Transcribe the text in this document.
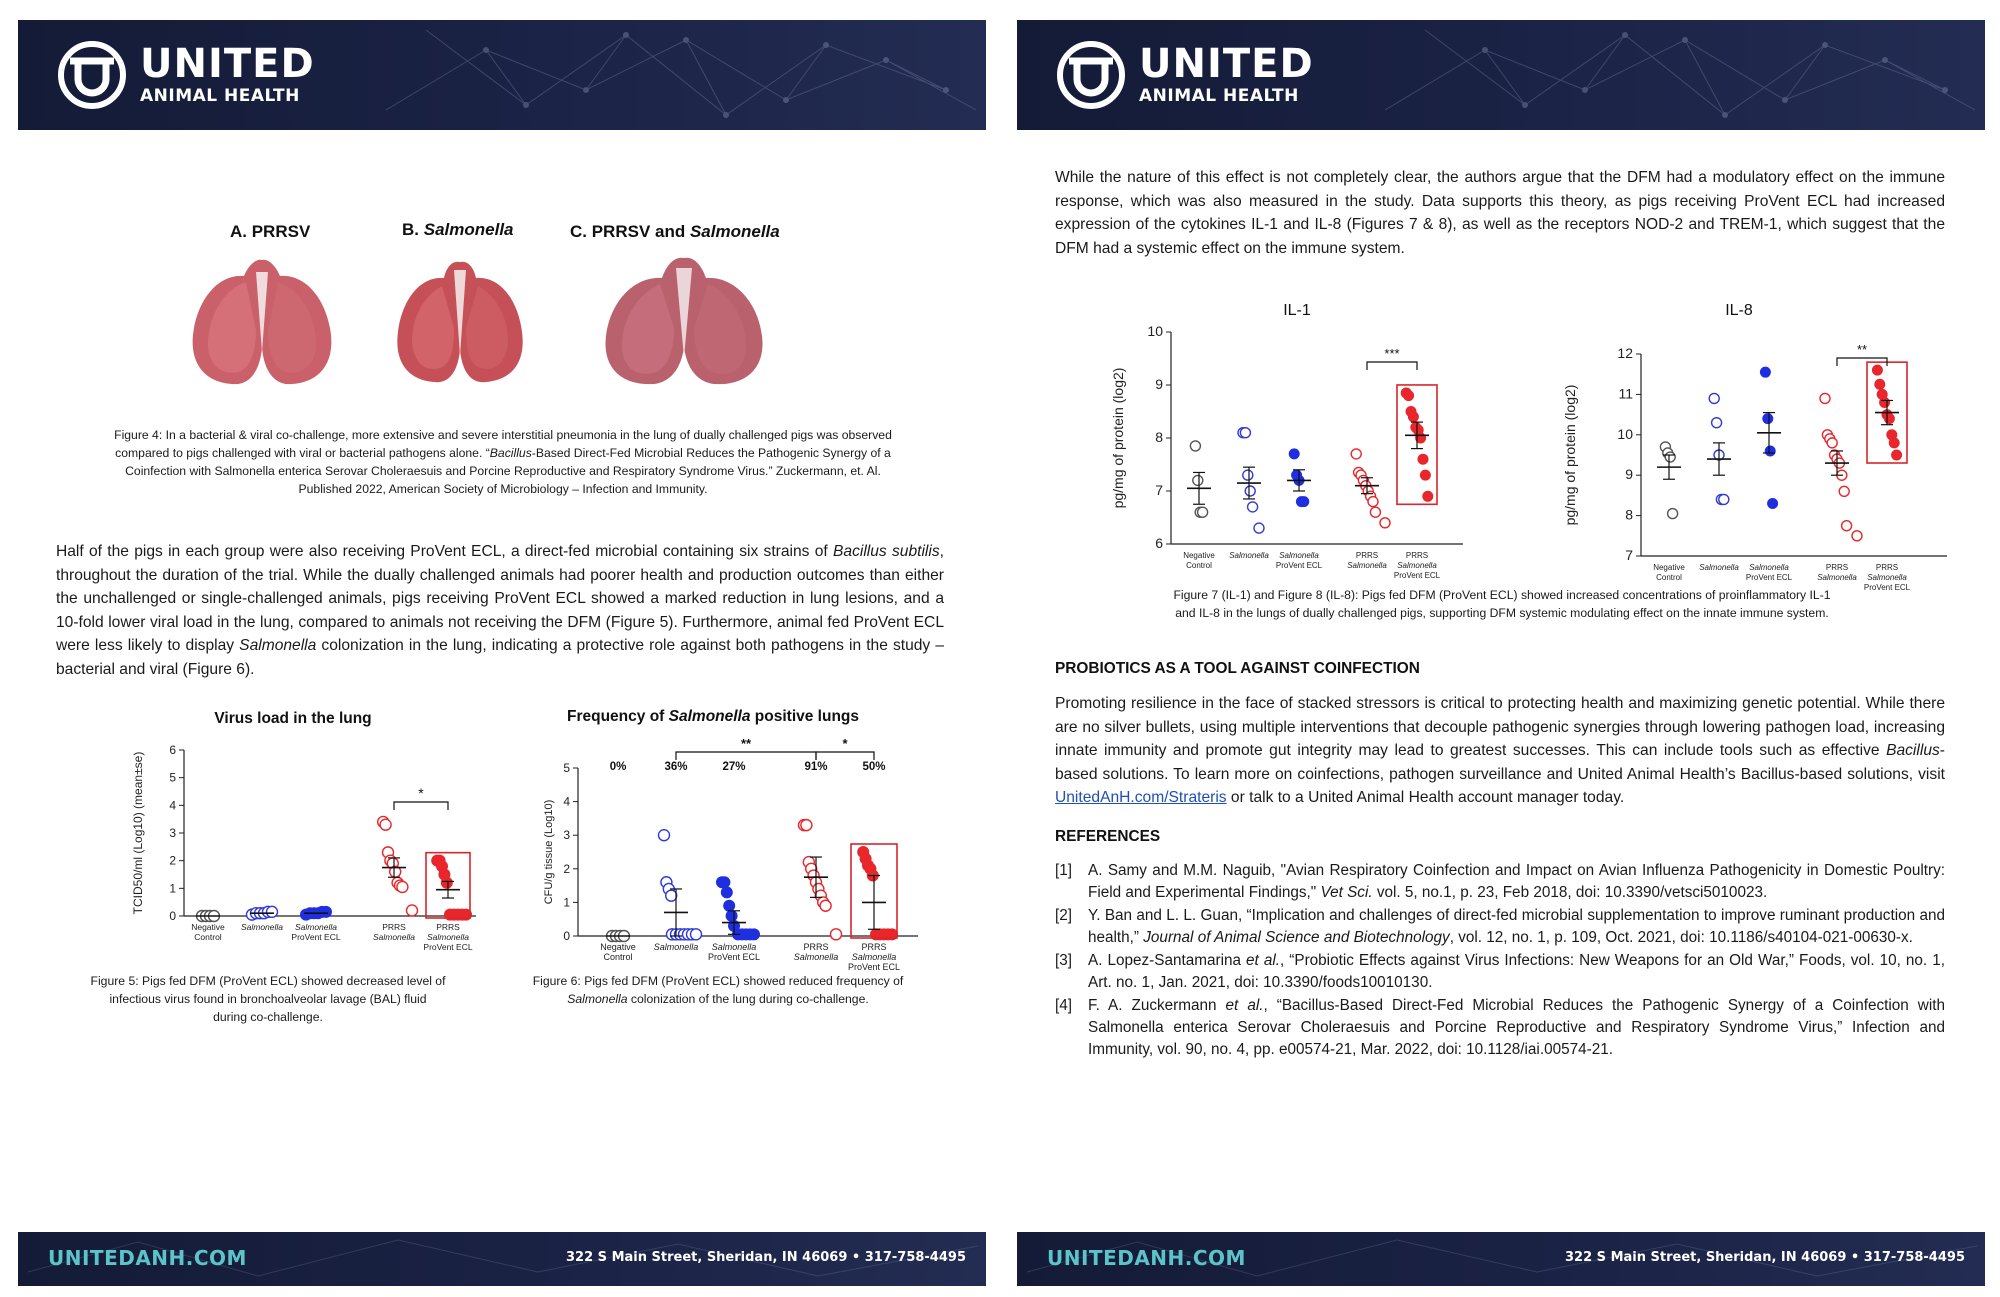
UNITED
ANIMAL HEALTH
A. PRRSV	B. Salmonella	C. PRRSV and Salmonella
Figure 4: In a bacterial & viral co-challenge, more extensive and severe interstitial pneumonia in the lung of dually challenged pigs was observed
compared to pigs challenged with viral or bacterial pathogens alone. “Bacillus-Based Direct-Fed Microbial Reduces the Pathogenic Synergy of a
Coinfection with Salmonella enterica Serovar Choleraesuis and Porcine Reproductive and Respiratory Syndrome Virus.” Zuckermann, et. Al.
Published 2022, American Society of Microbiology – Infection and Immunity.
Half of the pigs in each group were also receiving ProVent ECL, a direct-fed microbial containing six strains of Bacillus subtilis, throughout the duration of the trial. While the dually challenged animals had poorer health and production outcomes than either the unchallenged or single-challenged animals, pigs receiving ProVent ECL showed a marked reduction in lung lesions, and a 10-fold lower viral load in the lung, compared to animals not receiving the DFM (Figure 5). Furthermore, animal fed ProVent ECL were less likely to display Salmonella colonization in the lung, indicating a protective role against both pathogens in the study – bacterial and viral (Figure 6).
Virus load in the lung
0
1
2
3
4
5
6
TCID50/ml (Log10) (mean±se)
Negative
Control
Salmonella Salmonella
ProVent ECL
PRRS
Salmonella
PRRS
Salmonella
ProVent ECL
*
Figure 5: Pigs fed DFM (ProVent ECL) showed decreased level of
infectious virus found in bronchoalveolar lavage (BAL) fluid
during co-challenge.
Frequency of Salmonella positive lungs
0
1
2
3
4
5
CFU/g tissue (Log10)
Negative
Control
Salmonella Salmonella
ProVent ECL
PRRS
Salmonella
PRRS
Salmonella
ProVent ECL
0%	36%	27%	91%	50%
**	*
Figure 6: Pigs fed DFM (ProVent ECL) showed reduced frequency of
Salmonella colonization of the lung during co-challenge.
UNITEDANH.COM	322 S Main Street, Sheridan, IN 46069 • 317-758-4495
UNITED
ANIMAL HEALTH
While the nature of this effect is not completely clear, the authors argue that the DFM had a modulatory effect on the immune response, which was also measured in the study. Data supports this theory, as pigs receiving ProVent ECL had increased expression of the cytokines IL-1 and IL-8 (Figures 7 & 8), as well as the receptors NOD-2 and TREM-1, which suggest that the DFM had a systemic effect on the immune system.
IL-1
6
7
8
9
10
pg/mg of protein (log2)
Negative
Control
Salmonella Salmonella
ProVent ECL
PRRS
Salmonella
PRRS
Salmonella
ProVent ECL
***
IL-8
7
8
9
10
11
12
pg/mg of protein (log2)
Negative
Control
Salmonella Salmonella
ProVent ECL
PRRS
Salmonella
PRRS
Salmonella
ProVent ECL
**
Figure 7 (IL-1) and Figure 8 (IL-8): Pigs fed DFM (ProVent ECL) showed increased concentrations of proinflammatory IL-1
and IL-8 in the lungs of dually challenged pigs, supporting DFM systemic modulating effect on the innate immune system.
PROBIOTICS AS A TOOL AGAINST COINFECTION
Promoting resilience in the face of stacked stressors is critical to protecting health and maximizing genetic potential. While there are no silver bullets, using multiple interventions that decouple pathogenic synergies through lowering pathogen load, increasing innate immunity and promote gut integrity may lead to greatest successes. This can include tools such as effective Bacillus-based solutions. To learn more on coinfections, pathogen surveillance and United Animal Health’s Bacillus-based solutions, visit UnitedAnH.com/Strateris or talk to a United Animal Health account manager today.
REFERENCES
[1] A. Samy and M.M. Naguib, "Avian Respiratory Coinfection and Impact on Avian Influenza Pathogenicity in Domestic Poultry: Field and Experimental Findings," Vet Sci. vol. 5, no.1, p. 23, Feb 2018, doi: 10.3390/vetsci5010023.
[2] Y. Ban and L. L. Guan, “Implication and challenges of direct-fed microbial supplementation to improve ruminant production and health,” Journal of Animal Science and Biotechnology, vol. 12, no. 1, p. 109, Oct. 2021, doi: 10.1186/s40104-021-00630-x.
[3] A. Lopez-Santamarina et al., “Probiotic Effects against Virus Infections: New Weapons for an Old War,” Foods, vol. 10, no. 1, Art. no. 1, Jan. 2021, doi: 10.3390/foods10010130.
[4] F. A. Zuckermann et al., “Bacillus-Based Direct-Fed Microbial Reduces the Pathogenic Synergy of a Coinfection with Salmonella enterica Serovar Choleraesuis and Porcine Reproductive and Respiratory Syndrome Virus,” Infection and Immunity, vol. 90, no. 4, pp. e00574-21, Mar. 2022, doi: 10.1128/iai.00574-21.
UNITEDANH.COM	322 S Main Street, Sheridan, IN 46069 • 317-758-4495
